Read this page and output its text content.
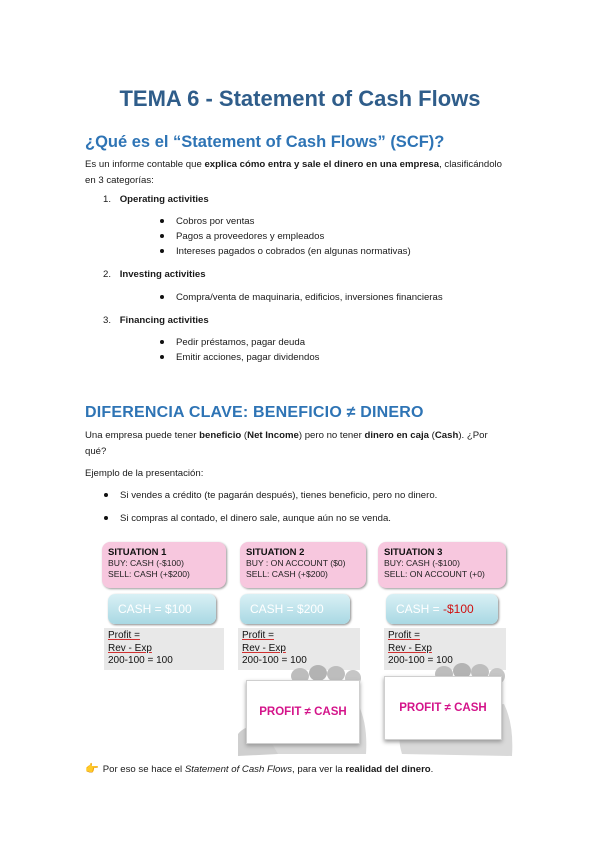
TEMA 6 - Statement of Cash Flows
¿Qué es el “Statement of Cash Flows” (SCF)?
Es un informe contable que explica cómo entra y sale el dinero en una empresa, clasificándolo
en 3 categorías:
1. Operating activities
Cobros por ventas
Pagos a proveedores y empleados
Intereses pagados o cobrados (en algunas normativas)
2. Investing activities
Compra/venta de maquinaria, edificios, inversiones financieras
3. Financing activities
Pedir préstamos, pagar deuda
Emitir acciones, pagar dividendos
DIFERENCIA CLAVE: BENEFICIO ≠ DINERO
Una empresa puede tener beneficio (Net Income) pero no tener dinero en caja (Cash). ¿Por
qué?
Ejemplo de la presentación:
Si vendes a crédito (te pagarán después), tienes beneficio, pero no dinero.
Si compras al contado, el dinero sale, aunque aún no se venda.
SITUATION 1
BUY: CASH (-$100)
SELL: CASH (+$200)
SITUATION 2
BUY : ON ACCOUNT ($0)
SELL: CASH (+$200)
SITUATION 3
BUY: CASH (-$100)
SELL: ON ACCOUNT (+0)
CASH = $100	CASH = $200	CASH = -$100
Profit =
Rev - Exp
200-100 = 100
Profit =
Rev - Exp
200-100 = 100
Profit =
Rev - Exp
200-100 = 100
PROFIT ≠ CASH	PROFIT ≠ CASH
👉 Por eso se hace el Statement of Cash Flows, para ver la realidad del dinero.
